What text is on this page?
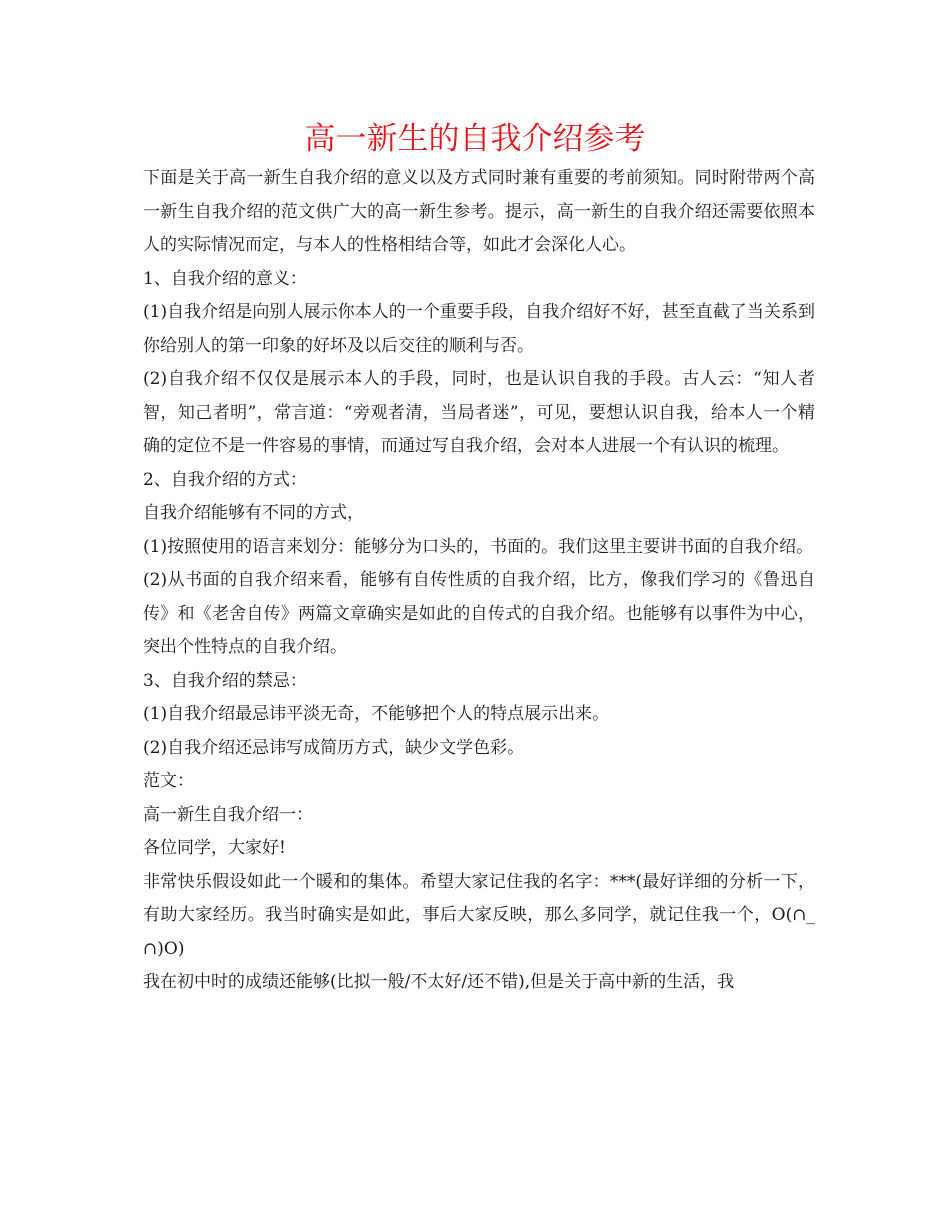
高一新生的自我介绍参考

下面是关于高一新生自我介绍的意义以及方式同时兼有重要的考前须知。同时附带两个高一新生自我介绍的范文供广大的高一新生参考。提示，高一新生的自我介绍还需要依照本人的实际情况而定，与本人的性格相结合等，如此才会深化人心。

1、自我介绍的意义：

(1)自我介绍是向别人展示你本人的一个重要手段，自我介绍好不好，甚至直截了当关系到你给别人的第一印象的好坏及以后交往的顺利与否。

(2)自我介绍不仅仅是展示本人的手段，同时，也是认识自我的手段。古人云：“知人者智，知己者明”，常言道：“旁观者清，当局者迷”，可见，要想认识自我，给本人一个精确的定位不是一件容易的事情，而通过写自我介绍，会对本人进展一个有认识的梳理。

2、自我介绍的方式：

自我介绍能够有不同的方式，

(1)按照使用的语言来划分：能够分为口头的，书面的。我们这里主要讲书面的自我介绍。

(2)从书面的自我介绍来看，能够有自传性质的自我介绍，比方，像我们学习的《鲁迅自传》和《老舍自传》两篇文章确实是如此的自传式的自我介绍。也能够有以事件为中心，突出个性特点的自我介绍。

3、自我介绍的禁忌：

(1)自我介绍最忌讳平淡无奇，不能够把个人的特点展示出来。

(2)自我介绍还忌讳写成简历方式，缺少文学色彩。

范文：

高一新生自我介绍一：

各位同学，大家好!

非常快乐假设如此一个暖和的集体。希望大家记住我的名字：***(最好详细的分析一下，有助大家经历。我当时确实是如此，事后大家反映，那么多同学，就记住我一个，O(∩_∩)O)

我在初中时的成绩还能够(比拟一般/不太好/还不错),但是关于高中新的生活，我
